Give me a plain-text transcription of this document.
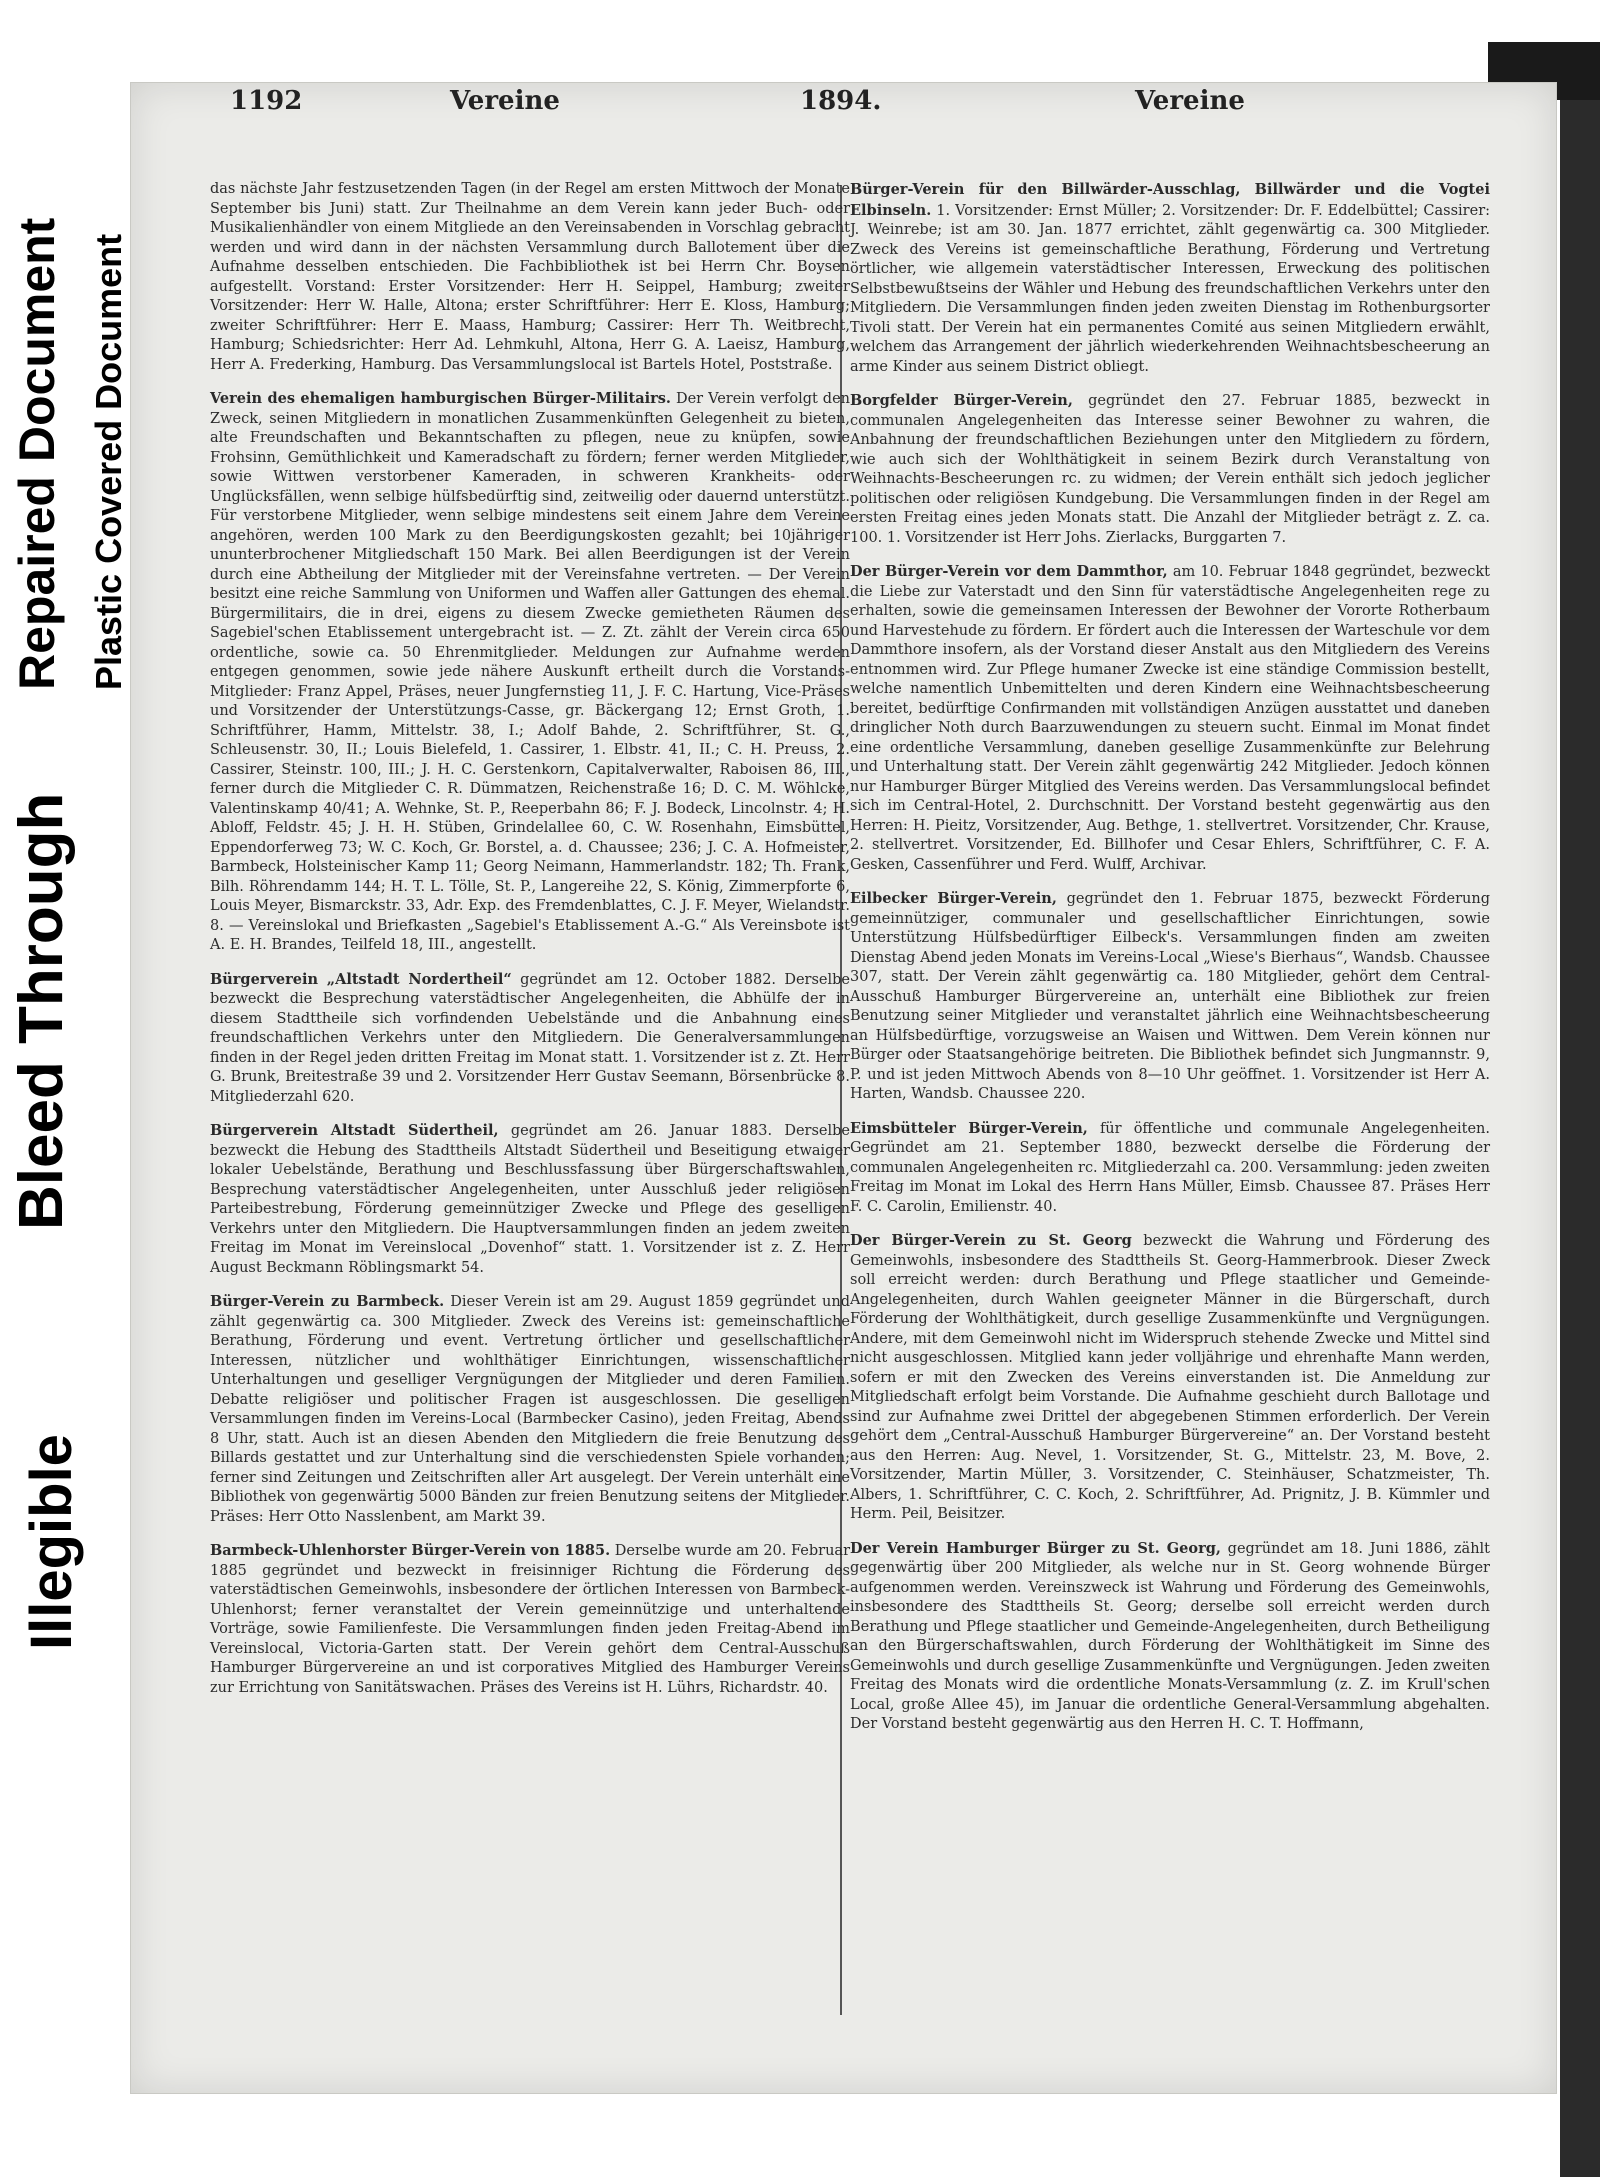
Illegible
Bleed Through
Repaired Document Plastic Covered Document
1192	Vereine	1894.	Vereine
das nächste Jahr festzusetzenden Tagen (in der Regel am ersten Mittwoch der Monate September bis Juni) statt. Zur Theilnahme an dem Verein kann jeder Buch- oder Musikalienhändler von einem Mitgliede an den Vereinsabenden in Vorschlag gebracht werden und wird dann in der nächsten Versammlung durch Ballotement über die Aufnahme desselben entschieden. Die Fachbibliothek ist bei Herrn Chr. Boysen aufgestellt. Vorstand: Erster Vorsitzender: Herr H. Seippel, Hamburg; zweiter Vorsitzender: Herr W. Halle, Altona; erster Schriftführer: Herr E. Kloss, Hamburg; zweiter Schriftführer: Herr E. Maass, Hamburg; Cassirer: Herr Th. Weitbrecht, Hamburg; Schiedsrichter: Herr Ad. Lehmkuhl, Altona, Herr G. A. Laeisz, Hamburg, Herr A. Frederking, Hamburg. Das Versammlungslocal ist Bartels Hotel, Poststraße.
Verein des ehemaligen hamburgischen Bürger-Militairs. Der Verein verfolgt den Zweck, seinen Mitgliedern in monatlichen Zusammenkünften Gelegenheit zu bieten, alte Freundschaften und Bekanntschaften zu pflegen, neue zu knüpfen, sowie Frohsinn, Gemüthlichkeit und Kameradschaft zu fördern; ferner werden Mitglieder, sowie Wittwen verstorbener Kameraden, in schweren Krankheits- oder Unglücksfällen, wenn selbige hülfsbedürftig sind, zeitweilig oder dauernd unterstützt. Für verstorbene Mitglieder, wenn selbige mindestens seit einem Jahre dem Vereine angehören, werden 100 Mark zu den Beerdigungskosten gezahlt; bei 10jähriger ununterbrochener Mitgliedschaft 150 Mark. Bei allen Beerdigungen ist der Verein durch eine Abtheilung der Mitglieder mit der Vereinsfahne vertreten. — Der Verein besitzt eine reiche Sammlung von Uniformen und Waffen aller Gattungen des ehemal. Bürgermilitairs, die in drei, eigens zu diesem Zwecke gemietheten Räumen des Sagebiel'schen Etablissement untergebracht ist. — Z. Zt. zählt der Verein circa 650 ordentliche, sowie ca. 50 Ehrenmitglieder. Meldungen zur Aufnahme werden entgegen genommen, sowie jede nähere Auskunft ertheilt durch die Vorstands-Mitglieder: Franz Appel, Präses, neuer Jungfernstieg 11, J. F. C. Hartung, Vice-Präses und Vorsitzender der Unterstützungs-Casse, gr. Bäckergang 12; Ernst Groth, 1. Schriftführer, Hamm, Mittelstr. 38, I.; Adolf Bahde, 2. Schriftführer, St. G., Schleusenstr. 30, II.; Louis Bielefeld, 1. Cassirer, 1. Elbstr. 41, II.; C. H. Preuss, 2. Cassirer, Steinstr. 100, III.; J. H. C. Gerstenkorn, Capitalverwalter, Raboisen 86, III., ferner durch die Mitglieder C. R. Dümmatzen, Reichenstraße 16; D. C. M. Wöhlcke, Valentinskamp 40/41; A. Wehnke, St. P., Reeperbahn 86; F. J. Bodeck, Lincolnstr. 4; H. Abloff, Feldstr. 45; J. H. H. Stüben, Grindelallee 60, C. W. Rosenhahn, Eimsbüttel, Eppendorferweg 73; W. C. Koch, Gr. Borstel, a. d. Chaussee; 236; J. C. A. Hofmeister, Barmbeck, Holsteinischer Kamp 11; Georg Neimann, Hammerlandstr. 182; Th. Frank, Bilh. Röhrendamm 144; H. T. L. Tölle, St. P., Langereihe 22, S. König, Zimmerpforte 6, Louis Meyer, Bismarckstr. 33, Adr. Exp. des Fremdenblattes, C. J. F. Meyer, Wielandstr. 8. — Vereinslokal und Briefkasten „Sagebiel's Etablissement A.-G.“ Als Vereinsbote ist A. E. H. Brandes, Teilfeld 18, III., angestellt.
Bürgerverein „Altstadt Nordertheil“ gegründet am 12. October 1882. Derselbe bezweckt die Besprechung vaterstädtischer Angelegenheiten, die Abhülfe der in diesem Stadttheile sich vorfindenden Uebelstände und die Anbahnung eines freundschaftlichen Verkehrs unter den Mitgliedern. Die Generalversammlungen finden in der Regel jeden dritten Freitag im Monat statt. 1. Vorsitzender ist z. Zt. Herr G. Brunk, Breitestraße 39 und 2. Vorsitzender Herr Gustav Seemann, Börsenbrücke 8. Mitgliederzahl 620.
Bürgerverein Altstadt Südertheil, gegründet am 26. Januar 1883. Derselbe bezweckt die Hebung des Stadttheils Altstadt Südertheil und Beseitigung etwaiger lokaler Uebelstände, Berathung und Beschlussfassung über Bürgerschaftswahlen, Besprechung vaterstädtischer Angelegenheiten, unter Ausschluß jeder religiösen Parteibestrebung, Förderung gemeinnütziger Zwecke und Pflege des geselligen Verkehrs unter den Mitgliedern. Die Hauptversammlungen finden an jedem zweiten Freitag im Monat im Vereinslocal „Dovenhof“ statt. 1. Vorsitzender ist z. Z. Herr August Beckmann Röblingsmarkt 54.
Bürger-Verein zu Barmbeck. Dieser Verein ist am 29. August 1859 gegründet und zählt gegenwärtig ca. 300 Mitglieder. Zweck des Vereins ist: gemeinschaftliche Berathung, Förderung und event. Vertretung örtlicher und gesellschaftlicher Interessen, nützlicher und wohlthätiger Einrichtungen, wissenschaftlicher Unterhaltungen und geselliger Vergnügungen der Mitglieder und deren Familien. Debatte religiöser und politischer Fragen ist ausgeschlossen. Die geselligen Versammlungen finden im Vereins-Local (Barmbecker Casino), jeden Freitag, Abends 8 Uhr, statt. Auch ist an diesen Abenden den Mitgliedern die freie Benutzung des Billards gestattet und zur Unterhaltung sind die verschiedensten Spiele vorhanden; ferner sind Zeitungen und Zeitschriften aller Art ausgelegt. Der Verein unterhält eine Bibliothek von gegenwärtig 5000 Bänden zur freien Benutzung seitens der Mitglieder. Präses: Herr Otto Nasslenbent, am Markt 39.
Barmbeck-Uhlenhorster Bürger-Verein von 1885. Derselbe wurde am 20. Februar 1885 gegründet und bezweckt in freisinniger Richtung die Förderung des vaterstädtischen Gemeinwohls, insbesondere der örtlichen Interessen von Barmbeck-Uhlenhorst; ferner veranstaltet der Verein gemeinnützige und unterhaltende Vorträge, sowie Familienfeste. Die Versammlungen finden jeden Freitag-Abend im Vereinslocal, Victoria-Garten statt. Der Verein gehört dem Central-Ausschuß Hamburger Bürgervereine an und ist corporatives Mitglied des Hamburger Vereins zur Errichtung von Sanitätswachen. Präses des Vereins ist H. Lührs, Richardstr. 40.
Bürger-Verein für den Billwärder-Ausschlag, Billwärder und die Vogtei Elbinseln. 1. Vorsitzender: Ernst Müller; 2. Vorsitzender: Dr. F. Eddelbüttel; Cassirer: J. Weinrebe; ist am 30. Jan. 1877 errichtet, zählt gegenwärtig ca. 300 Mitglieder. Zweck des Vereins ist gemeinschaftliche Berathung, Förderung und Vertretung örtlicher, wie allgemein vaterstädtischer Interessen, Erweckung des politischen Selbstbewußtseins der Wähler und Hebung des freundschaftlichen Verkehrs unter den Mitgliedern. Die Versammlungen finden jeden zweiten Dienstag im Rothenburgsorter Tivoli statt. Der Verein hat ein permanentes Comité aus seinen Mitgliedern erwählt, welchem das Arrangement der jährlich wiederkehrenden Weihnachtsbescheerung an arme Kinder aus seinem District obliegt.
Borgfelder Bürger-Verein, gegründet den 27. Februar 1885, bezweckt in communalen Angelegenheiten das Interesse seiner Bewohner zu wahren, die Anbahnung der freundschaftlichen Beziehungen unter den Mitgliedern zu fördern, wie auch sich der Wohlthätigkeit in seinem Bezirk durch Veranstaltung von Weihnachts-Bescheerungen rc. zu widmen; der Verein enthält sich jedoch jeglicher politischen oder religiösen Kundgebung. Die Versammlungen finden in der Regel am ersten Freitag eines jeden Monats statt. Die Anzahl der Mitglieder beträgt z. Z. ca. 100. 1. Vorsitzender ist Herr Johs. Zierlacks, Burggarten 7.
Der Bürger-Verein vor dem Dammthor, am 10. Februar 1848 gegründet, bezweckt die Liebe zur Vaterstadt und den Sinn für vaterstädtische Angelegenheiten rege zu erhalten, sowie die gemeinsamen Interessen der Bewohner der Vororte Rotherbaum und Harvestehude zu fördern. Er fördert auch die Interessen der Warteschule vor dem Dammthore insofern, als der Vorstand dieser Anstalt aus den Mitgliedern des Vereins entnommen wird. Zur Pflege humaner Zwecke ist eine ständige Commission bestellt, welche namentlich Unbemittelten und deren Kindern eine Weihnachtsbescheerung bereitet, bedürftige Confirmanden mit vollständigen Anzügen ausstattet und daneben dringlicher Noth durch Baarzuwendungen zu steuern sucht. Einmal im Monat findet eine ordentliche Versammlung, daneben gesellige Zusammenkünfte zur Belehrung und Unterhaltung statt. Der Verein zählt gegenwärtig 242 Mitglieder. Jedoch können nur Hamburger Bürger Mitglied des Vereins werden. Das Versammlungslocal befindet sich im Central-Hotel, 2. Durchschnitt. Der Vorstand besteht gegenwärtig aus den Herren: H. Pieitz, Vorsitzender, Aug. Bethge, 1. stellvertret. Vorsitzender, Chr. Krause, 2. stellvertret. Vorsitzender, Ed. Billhofer und Cesar Ehlers, Schriftführer, C. F. A. Gesken, Cassenführer und Ferd. Wulff, Archivar.
Eilbecker Bürger-Verein, gegründet den 1. Februar 1875, bezweckt Förderung gemeinnütziger, communaler und gesellschaftlicher Einrichtungen, sowie Unterstützung Hülfsbedürftiger Eilbeck's. Versammlungen finden am zweiten Dienstag Abend jeden Monats im Vereins-Local „Wiese's Bierhaus“, Wandsb. Chaussee 307, statt. Der Verein zählt gegenwärtig ca. 180 Mitglieder, gehört dem Central-Ausschuß Hamburger Bürgervereine an, unterhält eine Bibliothek zur freien Benutzung seiner Mitglieder und veranstaltet jährlich eine Weihnachtsbescheerung an Hülfsbedürftige, vorzugsweise an Waisen und Wittwen. Dem Verein können nur Bürger oder Staatsangehörige beitreten. Die Bibliothek befindet sich Jungmannstr. 9, P. und ist jeden Mittwoch Abends von 8—10 Uhr geöffnet. 1. Vorsitzender ist Herr A. Harten, Wandsb. Chaussee 220.
Eimsbütteler Bürger-Verein, für öffentliche und communale Angelegenheiten. Gegründet am 21. September 1880, bezweckt derselbe die Förderung der communalen Angelegenheiten rc. Mitgliederzahl ca. 200. Versammlung: jeden zweiten Freitag im Monat im Lokal des Herrn Hans Müller, Eimsb. Chaussee 87. Präses Herr F. C. Carolin, Emilienstr. 40.
Der Bürger-Verein zu St. Georg bezweckt die Wahrung und Förderung des Gemeinwohls, insbesondere des Stadttheils St. Georg-Hammerbrook. Dieser Zweck soll erreicht werden: durch Berathung und Pflege staatlicher und Gemeinde-Angelegenheiten, durch Wahlen geeigneter Männer in die Bürgerschaft, durch Förderung der Wohlthätigkeit, durch gesellige Zusammenkünfte und Vergnügungen. Andere, mit dem Gemeinwohl nicht im Widerspruch stehende Zwecke und Mittel sind nicht ausgeschlossen. Mitglied kann jeder volljährige und ehrenhafte Mann werden, sofern er mit den Zwecken des Vereins einverstanden ist. Die Anmeldung zur Mitgliedschaft erfolgt beim Vorstande. Die Aufnahme geschieht durch Ballotage und sind zur Aufnahme zwei Drittel der abgegebenen Stimmen erforderlich. Der Verein gehört dem „Central-Ausschuß Hamburger Bürgervereine“ an. Der Vorstand besteht aus den Herren: Aug. Nevel, 1. Vorsitzender, St. G., Mittelstr. 23, M. Bove, 2. Vorsitzender, Martin Müller, 3. Vorsitzender, C. Steinhäuser, Schatzmeister, Th. Albers, 1. Schriftführer, C. C. Koch, 2. Schriftführer, Ad. Prignitz, J. B. Kümmler und Herm. Peil, Beisitzer.
Der Verein Hamburger Bürger zu St. Georg, gegründet am 18. Juni 1886, zählt gegenwärtig über 200 Mitglieder, als welche nur in St. Georg wohnende Bürger aufgenommen werden. Vereinszweck ist Wahrung und Förderung des Gemeinwohls, insbesondere des Stadttheils St. Georg; derselbe soll erreicht werden durch Berathung und Pflege staatlicher und Gemeinde-Angelegenheiten, durch Betheiligung an den Bürgerschaftswahlen, durch Förderung der Wohlthätigkeit im Sinne des Gemeinwohls und durch gesellige Zusammenkünfte und Vergnügungen. Jeden zweiten Freitag des Monats wird die ordentliche Monats-Versammlung (z. Z. im Krull'schen Local, große Allee 45), im Januar die ordentliche General-Versammlung abgehalten. Der Vorstand besteht gegenwärtig aus den Herren H. C. T. Hoffmann,
